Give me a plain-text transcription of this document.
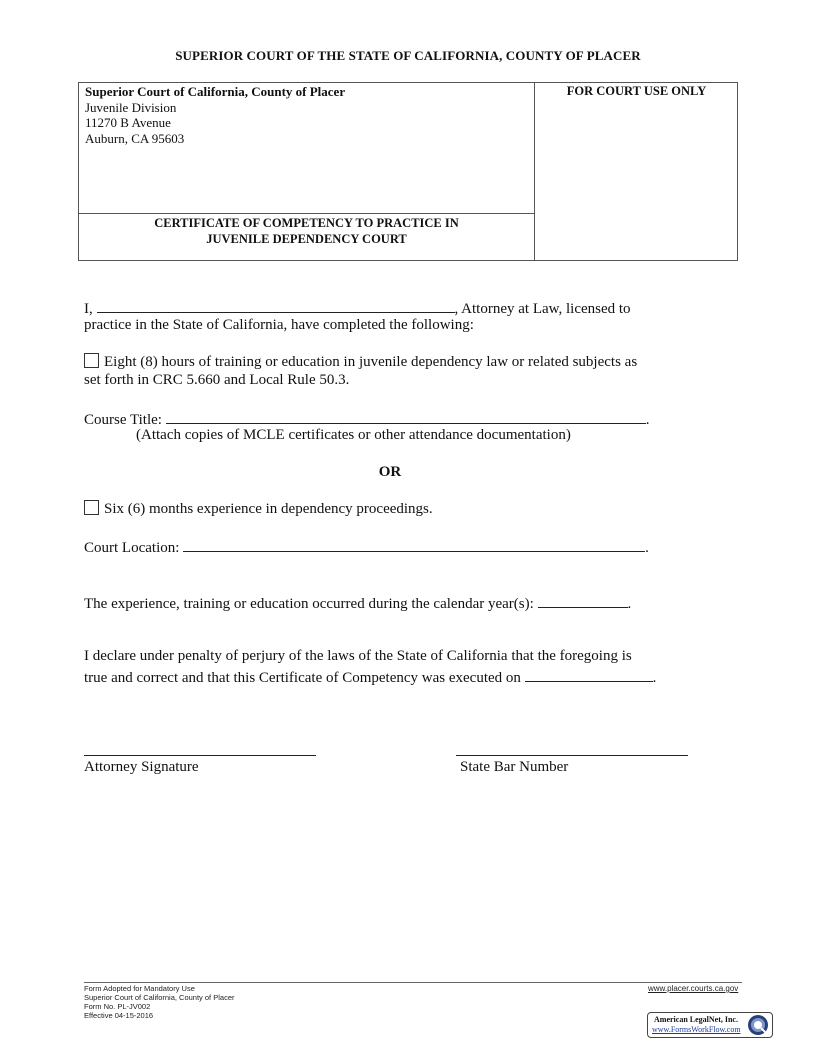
SUPERIOR COURT OF THE STATE OF CALIFORNIA, COUNTY OF PLACER
Superior Court of California, County of Placer
Juvenile Division
11270 B Avenue
Auburn, CA 95603
CERTIFICATE OF COMPETENCY TO PRACTICE IN
JUVENILE DEPENDENCY COURT
FOR COURT USE ONLY
I,	, Attorney at Law, licensed to
practice in the State of California, have completed the following:
Eight (8) hours of training or education in juvenile dependency law or related subjects as
set forth in CRC 5.660 and Local Rule 50.3.
Course Title:	.
(Attach copies of MCLE certificates or other attendance documentation)
OR
Six (6) months experience in dependency proceedings.
Court Location:	.
The experience, training or education occurred during the calendar year(s):	.
I declare under penalty of perjury of the laws of the State of California that the foregoing is
true and correct and that this Certificate of Competency was executed on	.
Attorney Signature	State Bar Number
Form Adopted for Mandatory Use
Superior Court of California, County of Placer
Form No. PL-JV002
Effective 04-15-2016
www.placer.courts.ca.gov
American LegalNet, Inc.
www.FormsWorkFlow.com
